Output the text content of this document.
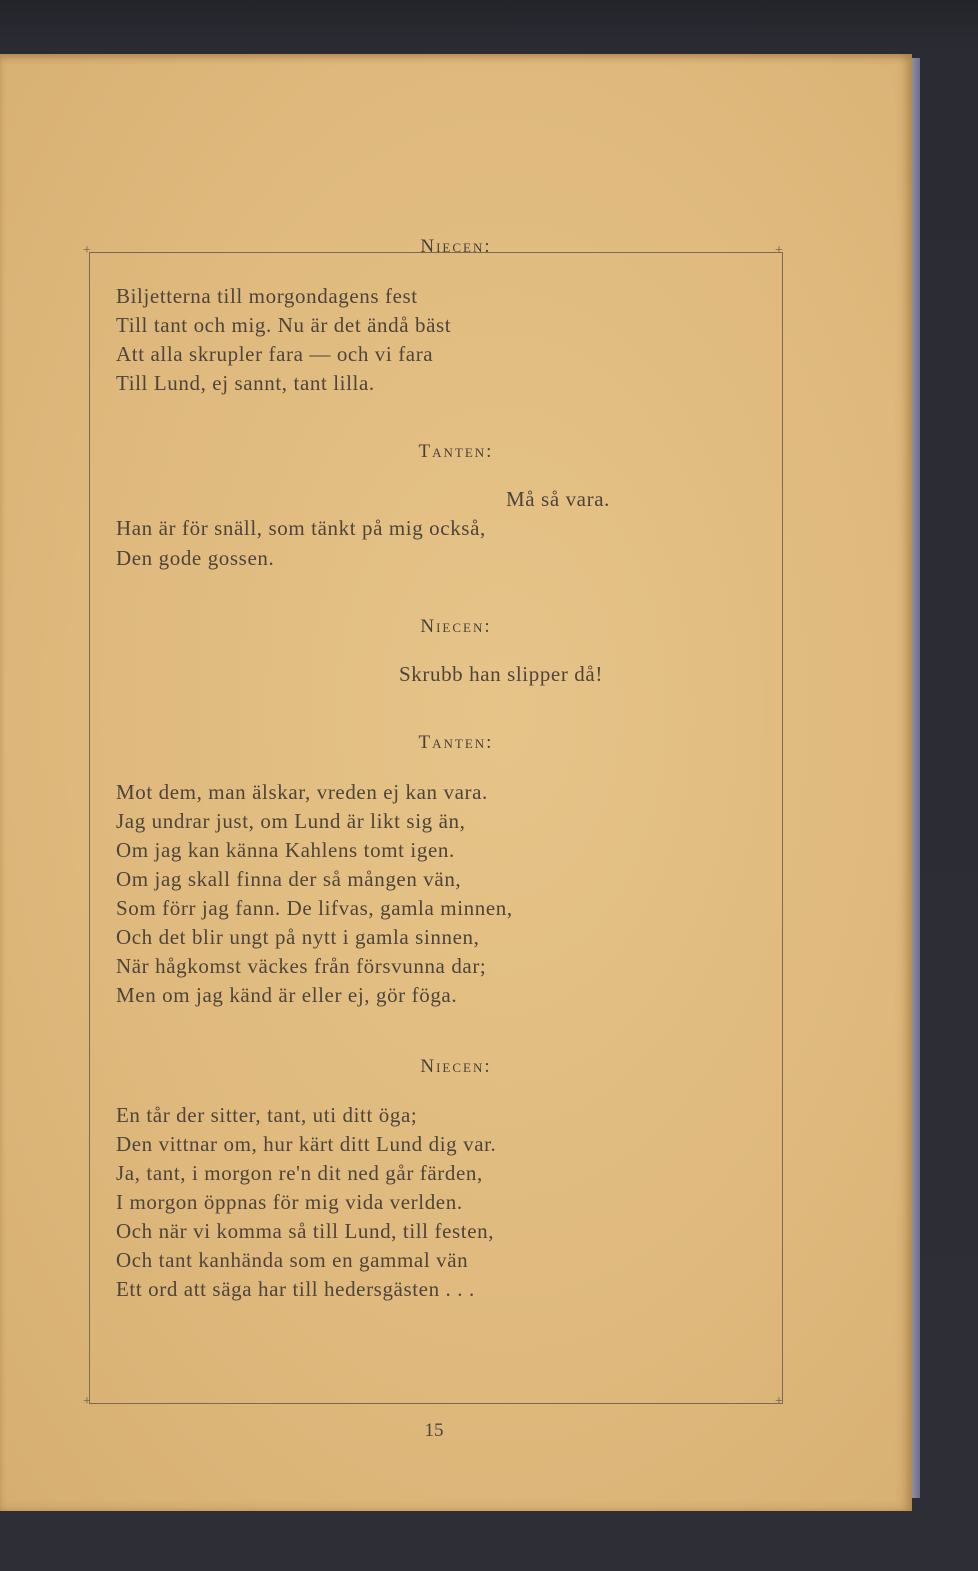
+	+
+	+
Niecen:
Biljetterna till morgondagens fest
Till tant och mig. Nu är det ändå bäst
Att alla skrupler fara — och vi fara
Till Lund, ej sannt, tant lilla.
Tanten:
Må så vara.
Han är för snäll, som tänkt på mig också,
Den gode gossen.
Niecen:
Skrubb han slipper då!
Tanten:
Mot dem, man älskar, vreden ej kan vara.
Jag undrar just, om Lund är likt sig än,
Om jag kan känna Kahlens tomt igen.
Om jag skall finna der så mången vän,
Som förr jag fann. De lifvas, gamla minnen,
Och det blir ungt på nytt i gamla sinnen,
När hågkomst väckes från försvunna dar;
Men om jag känd är eller ej, gör föga.
Niecen:
En tår der sitter, tant, uti ditt öga;
Den vittnar om, hur kärt ditt Lund dig var.
Ja, tant, i morgon re'n dit ned går färden,
I morgon öppnas för mig vida verlden.
Och när vi komma så till Lund, till festen,
Och tant kanhända som en gammal vän
Ett ord att säga har till hedersgästen . . .
15
